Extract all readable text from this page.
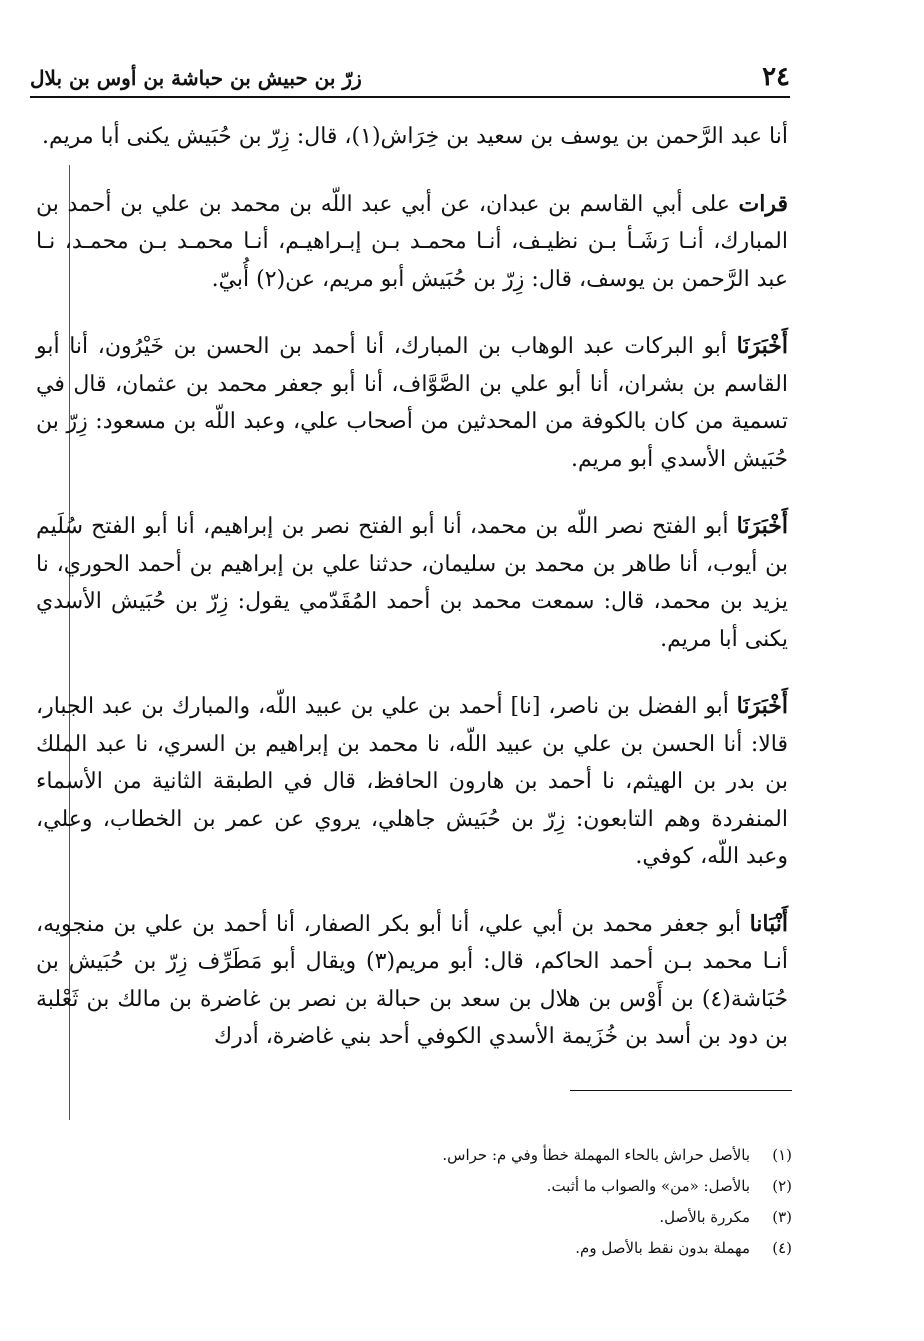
٢٤
زرّ بن حبيش بن حباشة بن أوس بن بلال

أنا عبد الرَّحمن بن يوسف بن سعيد بن خِرَاش(١)، قال: زِرّ بن حُبَيش يكنى أبا مريم.

قرات على أبي القاسم بن عبدان، عن أبي عبد اللّه بن محمد بن علي بن أحمد بن المبارك، أنـا رَشَـأ بـن نظيـف، أنـا محمـد بـن إبـراهيـم، أنـا محمـد بـن محمـد، نـا عبد الرَّحمن بن يوسف، قال: زِرّ بن حُبَيش أبو مريم، عن(٢) أُبيّ.

أَخْبَرَنَا أبو البركات عبد الوهاب بن المبارك، أنا أحمد بن الحسن بن خَيْرُون، أنا أبو القاسم بن بشران، أنا أبو علي بن الصَّوَّاف، أنا أبو جعفر محمد بن عثمان، قال في تسمية من كان بالكوفة من المحدثين من أصحاب علي، وعبد اللّه بن مسعود: زِرّ بن حُبَيش الأسدي أبو مريم.

أَخْبَرَنَا أبو الفتح نصر اللّه بن محمد، أنا أبو الفتح نصر بن إبراهيم، أنا أبو الفتح سُلَيم بن أيوب، أنا طاهر بن محمد بن سليمان، حدثنا علي بن إبراهيم بن أحمد الحوري، نا يزيد بن محمد، قال: سمعت محمد بن أحمد المُقَدّمي يقول: زِرّ بن حُبَيش الأسدي يكنى أبا مريم.

أَخْبَرَنَا أبو الفضل بن ناصر، [نا] أحمد بن علي بن عبيد اللّه، والمبارك بن عبد الجبار، قالا: أنا الحسن بن علي بن عبيد اللّه، نا محمد بن إبراهيم بن السري، نا عبد الملك بن بدر بن الهيثم، نا أحمد بن هارون الحافظ، قال في الطبقة الثانية من الأسماء المنفردة وهم التابعون: زِرّ بن حُبَيش جاهلي، يروي عن عمر بن الخطاب، وعلي، وعبد اللّه، كوفي.

أَنْبَانا أبو جعفر محمد بن أبي علي، أنا أبو بكر الصفار، أنا أحمد بن علي بن منجويه، أنـا محمد بـن أحمد الحاكم، قال: أبو مريم(٣) ويقال أبو مَطَرِّف زِرّ بن حُبَيش بن حُبَاشة(٤) بن أَوْس بن هلال بن سعد بن حبالة بن نصر بن غاضرة بن مالك بن ثَعْلبة بن دود بن أسد بن خُزَيمة الأسدي الكوفي أحد بني غاضرة، أدرك

(١)
بالأصل حراش بالحاء المهملة خطأ وفي م: حراس.
(٢)
بالأصل: «من» والصواب ما أثبت.
(٣)
مكررة بالأصل.
(٤)
مهملة بدون نقط بالأصل وم.
